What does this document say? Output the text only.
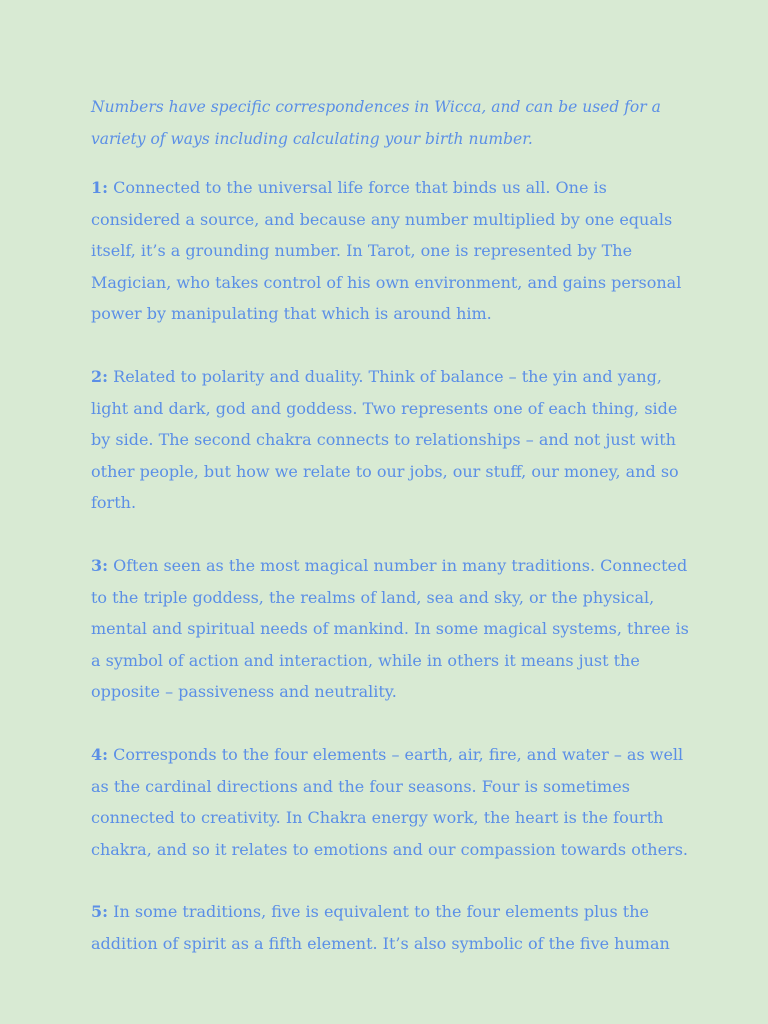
Numbers have specific correspondences in Wicca, and can be used for a variety of ways including calculating your birth number.

1: Connected to the universal life force that binds us all. One is considered a source, and because any number multiplied by one equals itself, it’s a grounding number. In Tarot, one is represented by The Magician, who takes control of his own environment, and gains personal power by manipulating that which is around him.

2: Related to polarity and duality. Think of balance – the yin and yang, light and dark, god and goddess. Two represents one of each thing, side by side. The second chakra connects to relationships – and not just with other people, but how we relate to our jobs, our stuff, our money, and so forth.

3: Often seen as the most magical number in many traditions. Connected to the triple goddess, the realms of land, sea and sky, or the physical, mental and spiritual needs of mankind. In some magical systems, three is a symbol of action and interaction, while in others it means just the opposite – passiveness and neutrality.

4: Corresponds to the four elements – earth, air, fire, and water – as well as the cardinal directions and the four seasons. Four is sometimes connected to creativity. In Chakra energy work, the heart is the fourth chakra, and so it relates to emotions and our compassion towards others.

5: In some traditions, five is equivalent to the four elements plus the addition of spirit as a fifth element. It’s also symbolic of the five human
